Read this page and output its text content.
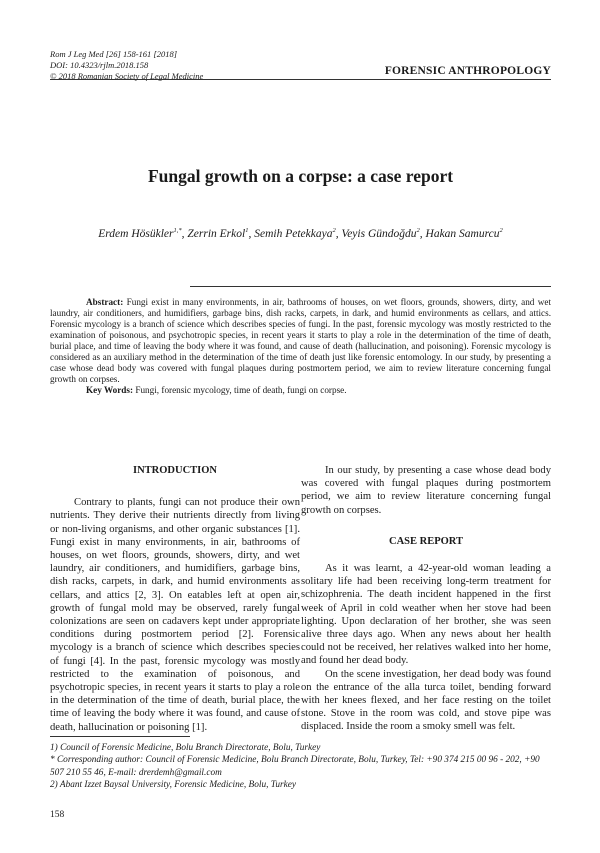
Rom J Leg Med [26] 158-161 [2018]
DOI: 10.4323/rjlm.2018.158
© 2018 Romanian Society of Legal Medicine	FORENSIC ANTHROPOLOGY
Fungal growth on a corpse: a case report
Erdem Hösükler$^{1,*}$, Zerrin Erkol$^1$, Semih Petekkaya$^2$, Veyis Gündoğdu$^2$, Hakan Samurcu$^2$

Abstract: Fungi exist in many environments, in air, bathrooms of houses, on wet floors, grounds, showers, dirty, and wet laundry, air conditioners, and humidifiers, garbage bins, dish racks, carpets, in dark, and humid environments as cellars, and attics. Forensic mycology is a branch of science which describes species of fungi. In the past, forensic mycology was mostly restricted to the examination of poisonous, and psychotropic species, in recent years it starts to play a role in the determination of the time of death, burial place, and time of leaving the body where it was found, and cause of death (hallucination, and poisoning). Forensic mycology is considered as an auxiliary method in the determination of the time of death just like forensic entomology. In our study, by presenting a case whose dead body was covered with fungal plaques during postmortem period, we aim to review literature concerning fungal growth on corpses.

Key Words: Fungi, forensic mycology, time of death, fungi on corpse.

INTRODUCTION

Contrary to plants, fungi can not produce their own nutrients. They derive their nutrients directly from living or non-living organisms, and other organic substances [1]. Fungi exist in many environments, in air, bathrooms of houses, on wet floors, grounds, showers, dirty, and wet laundry, air conditioners, and humidifiers, garbage bins, dish racks, carpets, in dark, and humid environments as cellars, and attics [2, 3]. On eatables left at open air, growth of fungal mold may be observed, rarely fungal colonizations are seen on cadavers kept under appropriate conditions during postmortem period [2]. Forensic mycology is a branch of science which describes species of fungi [4]. In the past, forensic mycology was mostly restricted to the examination of poisonous, and psychotropic species, in recent years it starts to play a role in the determination of the time of death, burial place, the time of leaving the body where it was found, and cause of death, hallucination or poisoning [1].

In our study, by presenting a case whose dead body was covered with fungal plaques during postmortem period, we aim to review literature concerning fungal growth on corpses.

CASE REPORT

As it was learnt, a 42-year-old woman leading a solitary life had been receiving long-term treatment for schizophrenia. The death incident happened in the first week of April in cold weather when her stove had been lighting. Upon declaration of her brother, she was seen alive three days ago. When any news about her health could not be received, her relatives walked into her home, and found her dead body.

On the scene investigation, her dead body was found on the entrance of the alla turca toilet, bending forward with her knees flexed, and her face resting on the toilet stone. Stove in the room was cold, and stove pipe was displaced. Inside the room a smoky smell was felt.

1) Council of Forensic Medicine, Bolu Branch Directorate, Bolu, Turkey
* Corresponding author: Council of Forensic Medicine, Bolu Branch Directorate, Bolu, Turkey, Tel: +90 374 215 00 96 - 202, +90 507 210 55 46, E-mail: drerdemh@gmail.com
2) Abant Izzet Baysal University, Forensic Medicine, Bolu, Turkey
158
